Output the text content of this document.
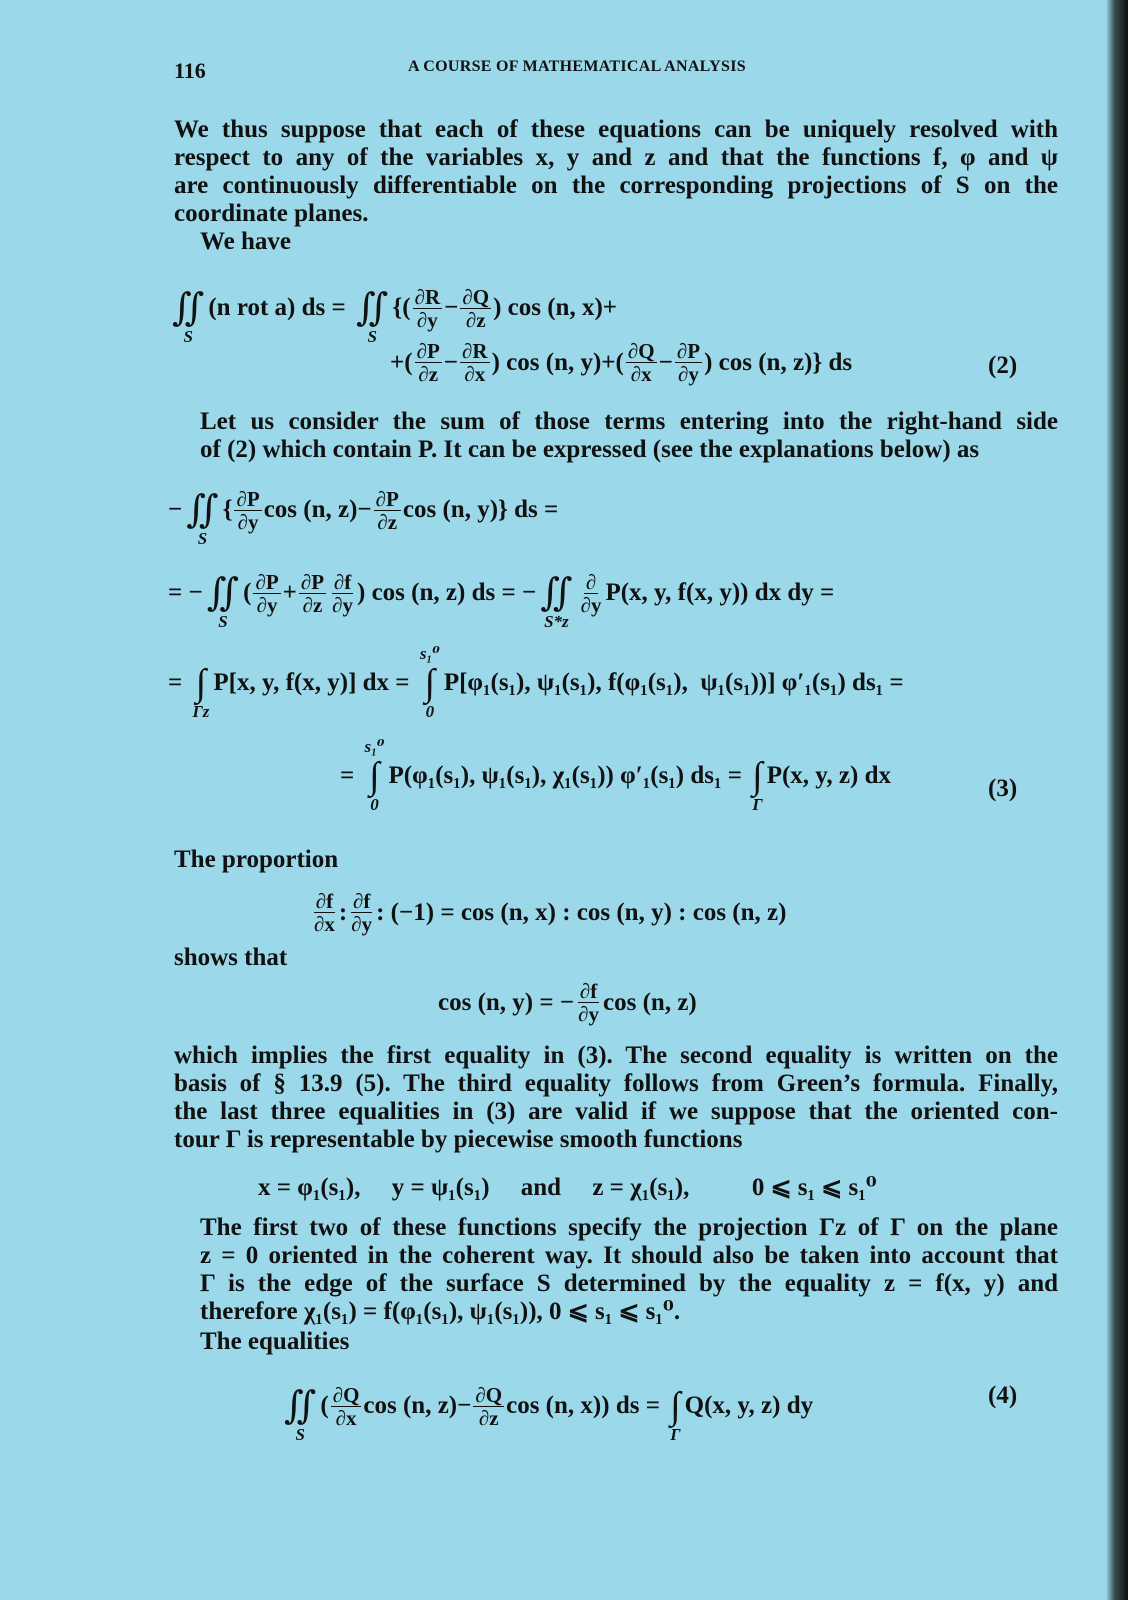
116	A COURSE OF MATHEMATICAL ANALYSIS
We thus suppose that each of these equations can be uniquely resolved with
respect to any of the variables x, y and z and that the functions f, φ and ψ
are continuously differentiable on the corresponding projections of S on the
coordinate planes.
We have
∬
S
(n rot a) ds = ∬
S
{( $\frac{\partial R}{\partial y} - \frac{\partial Q}{\partial z}$ ) cos (n, x)+
+( $\frac{\partial P}{\partial z} - \frac{\partial R}{\partial x}$ ) cos (n, $y)+( \frac{\partial Q}{\partial x} - \frac{\partial P}{\partial y}$ ) cos (n, z)} ds	(2)
Let us consider the sum of those terms entering into the right-hand side
of (2) which contain P. It can be expressed (see the explanations below) as
− ∬
S
{ $\frac{\partial P}{\partial y}$ cos (n, $z)- \frac{\partial P}{\partial z}$ cos (n, y)} ds =
= − ∬
S
( $\frac{\partial P}{\partial y} + \frac{\partial P}{\partial z} \frac{\partial f}{\partial y}$ ) cos (n, z) ds = − ∬
S*z
∂
∂y P(x, y, f(x, y)) dx dy =
= ∫
Γz
P[x, y, f(x, y)] dx =
s₁⁰
∫
0
P[φ₁(s₁), ψ₁(s₁), f(φ₁(s₁),  ψ₁(s₁))] φ′₁(s₁) ds₁ =
=
s₁⁰
∫
0
P(φ₁(s₁), ψ₁(s₁), χ₁(s₁)) φ′₁(s₁) ds₁ = ∫
Γ
P(x, y, z) dx	(3)
The proportion
$\frac{\partial f}{\partial x}$ : $\frac{\partial f}{\partial y}$ : (−1) = cos (n, x) : cos (n, y) : cos (n, z)
shows that
cos (n, y) = − $\frac{\partial f}{\partial y}$ cos (n, z)
which implies the first equality in (3). The second equality is written on the
basis of § 13.9 (5). The third equality follows from Green’s formula. Finally,
the last three equalities in (3) are valid if we suppose that the oriented con-
tour Γ is representable by piecewise smooth functions
x = φ₁(s₁),     y = ψ₁(s₁)     and     z = χ₁(s₁),          0 ⩽ s₁ ⩽ s₁⁰
The first two of these functions specify the projection Γz of Γ on the plane
z = 0 oriented in the coherent way. It should also be taken into account that
Γ is the edge of the surface S determined by the equality z = f(x, y) and
therefore χ₁(s₁) = f(φ₁(s₁), ψ₁(s₁)), 0 ⩽ s₁ ⩽ s₁⁰.
The equalities
∬
S
( $\frac{\partial Q}{\partial x}$ cos (n, $z)- \frac{\partial Q}{\partial z}$ cos (n, x)) ds = ∫
Γ
Q(x, y, z) dy	(4)
